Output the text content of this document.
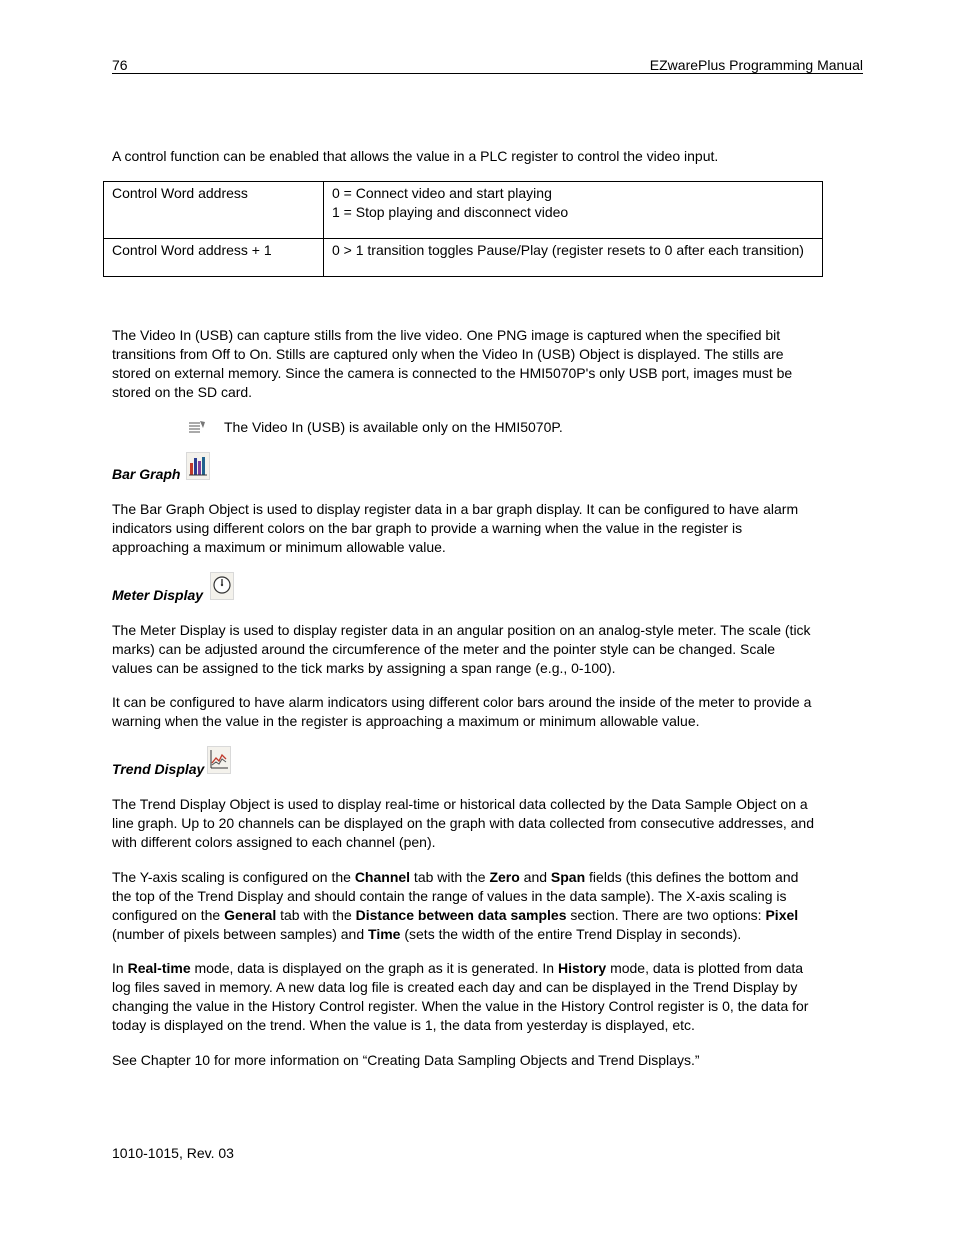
76	EZwarePlus Programming Manual

A control function can be enabled that allows the value in a PLC register to control the video input.

Control Word address	0 = Connect video and start playing
1 = Stop playing and disconnect video

Control Word address + 1	0 > 1 transition toggles Pause/Play (register resets to 0 after each transition)

The Video In (USB) can capture stills from the live video. One PNG image is captured when the specified bit transitions from Off to On. Stills are captured only when the Video In (USB) Object is displayed. The stills are stored on external memory. Since the camera is connected to the HMI5070P's only USB port, images must be stored on the SD card.

The Video In (USB) is available only on the HMI5070P.

Bar Graph

The Bar Graph Object is used to display register data in a bar graph display. It can be configured to have alarm indicators using different colors on the bar graph to provide a warning when the value in the register is approaching a maximum or minimum allowable value.

Meter Display

The Meter Display is used to display register data in an angular position on an analog-style meter. The scale (tick marks) can be adjusted around the circumference of the meter and the pointer style can be changed. Scale values can be assigned to the tick marks by assigning a span range (e.g., 0-100).

It can be configured to have alarm indicators using different color bars around the inside of the meter to provide a warning when the value in the register is approaching a maximum or minimum allowable value.

Trend Display

The Trend Display Object is used to display real-time or historical data collected by the Data Sample Object on a line graph. Up to 20 channels can be displayed on the graph with data collected from consecutive addresses, and with different colors assigned to each channel (pen).

The Y-axis scaling is configured on the Channel tab with the Zero and Span fields (this defines the bottom and the top of the Trend Display and should contain the range of values in the data sample). The X-axis scaling is configured on the General tab with the Distance between data samples section. There are two options: Pixel (number of pixels between samples) and Time (sets the width of the entire Trend Display in seconds).

In Real-time mode, data is displayed on the graph as it is generated. In History mode, data is plotted from data log files saved in memory. A new data log file is created each day and can be displayed in the Trend Display by changing the value in the History Control register. When the value in the History Control register is 0, the data for today is displayed on the trend. When the value is 1, the data from yesterday is displayed, etc.

See Chapter 10 for more information on “Creating Data Sampling Objects and Trend Displays.”

1010-1015, Rev. 03
